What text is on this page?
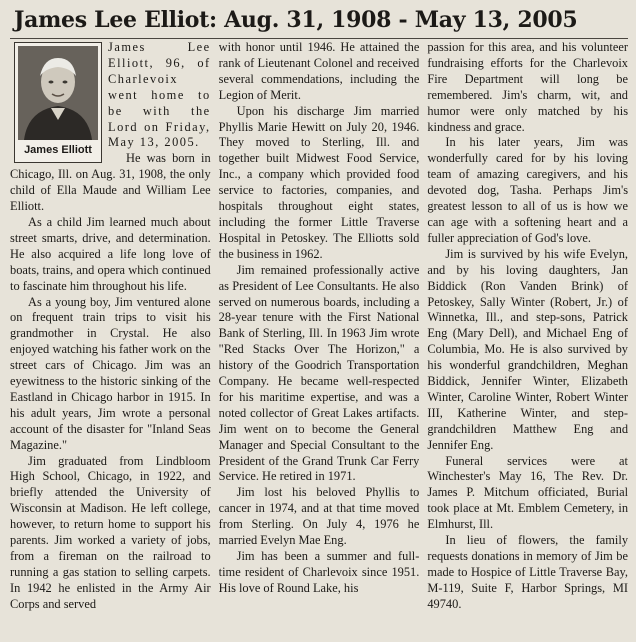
James Lee Elliot: Aug. 31, 1908 - May 13, 2005
James Elliott

James Lee Elliott, 96, of Charlevoix went home to be with the Lord on Friday, May 13, 2005.

He was born in Chicago, Ill. on Aug. 31, 1908, the only child of Ella Maude and William Lee Elliott.

As a child Jim learned much about street smarts, drive, and determination. He also acquired a life long love of boats, trains, and opera which continued to fascinate him throughout his life.

As a young boy, Jim ventured alone on frequent train trips to visit his grandmother in Crystal. He also enjoyed watching his father work on the street cars of Chicago. Jim was an eyewitness to the historic sinking of the Eastland in Chicago harbor in 1915. In his adult years, Jim wrote a personal account of the disaster for "Inland Seas Magazine."

Jim graduated from Lindbloom High School, Chicago, in 1922, and briefly attended the University of Wisconsin at Madison. He left college, however, to return home to support his parents. Jim worked a variety of jobs, from a fireman on the railroad to running a gas station to selling carpets. In 1942 he enlisted in the Army Air Corps and served

with honor until 1946. He attained the rank of Lieutenant Colonel and received several commendations, including the Legion of Merit.

Upon his discharge Jim married Phyllis Marie Hewitt on July 20, 1946. They moved to Sterling, Ill. and together built Midwest Food Service, Inc., a company which provided food service to factories, companies, and hospitals throughout eight states, including the former Little Traverse Hospital in Petoskey. The Elliotts sold the business in 1962.

Jim remained professionally active as President of Lee Consultants. He also served on numerous boards, including a 28-year tenure with the First National Bank of Sterling, Ill. In 1963 Jim wrote "Red Stacks Over The Horizon," a history of the Goodrich Transportation Company. He became well-respected for his maritime expertise, and was a noted collector of Great Lakes artifacts. Jim went on to become the General Manager and Special Consultant to the President of the Grand Trunk Car Ferry Service. He retired in 1971.

Jim lost his beloved Phyllis to cancer in 1974, and at that time moved from Sterling. On July 4, 1976 he married Evelyn Mae Eng.

Jim has been a summer and full-time resident of Charlevoix since 1951. His love of Round Lake, his

passion for this area, and his volunteer fundraising efforts for the Charlevoix Fire Department will long be remembered. Jim's charm, wit, and humor were only matched by his kindness and grace.

In his later years, Jim was wonderfully cared for by his loving team of amazing caregivers, and his devoted dog, Tasha. Perhaps Jim's greatest lesson to all of us is how we can age with a softening heart and a fuller appreciation of God's love.

Jim is survived by his wife Evelyn, and by his loving daughters, Jan Biddick (Ron Vanden Brink) of Petoskey, Sally Winter (Robert, Jr.) of Winnetka, Ill., and step-sons, Patrick Eng (Mary Dell), and Michael Eng of Columbia, Mo. He is also survived by his wonderful grandchildren, Meghan Biddick, Jennifer Winter, Elizabeth Winter, Caroline Winter, Robert Winter III, Katherine Winter, and step-grandchildren Matthew Eng and Jennifer Eng.

Funeral services were at Winchester's May 16, The Rev. Dr. James P. Mitchum officiated, Burial took place at Mt. Emblem Cemetery, in Elmhurst, Ill.

In lieu of flowers, the family requests donations in memory of Jim be made to Hospice of Little Traverse Bay, M-119, Suite F, Harbor Springs, MI 49740.
